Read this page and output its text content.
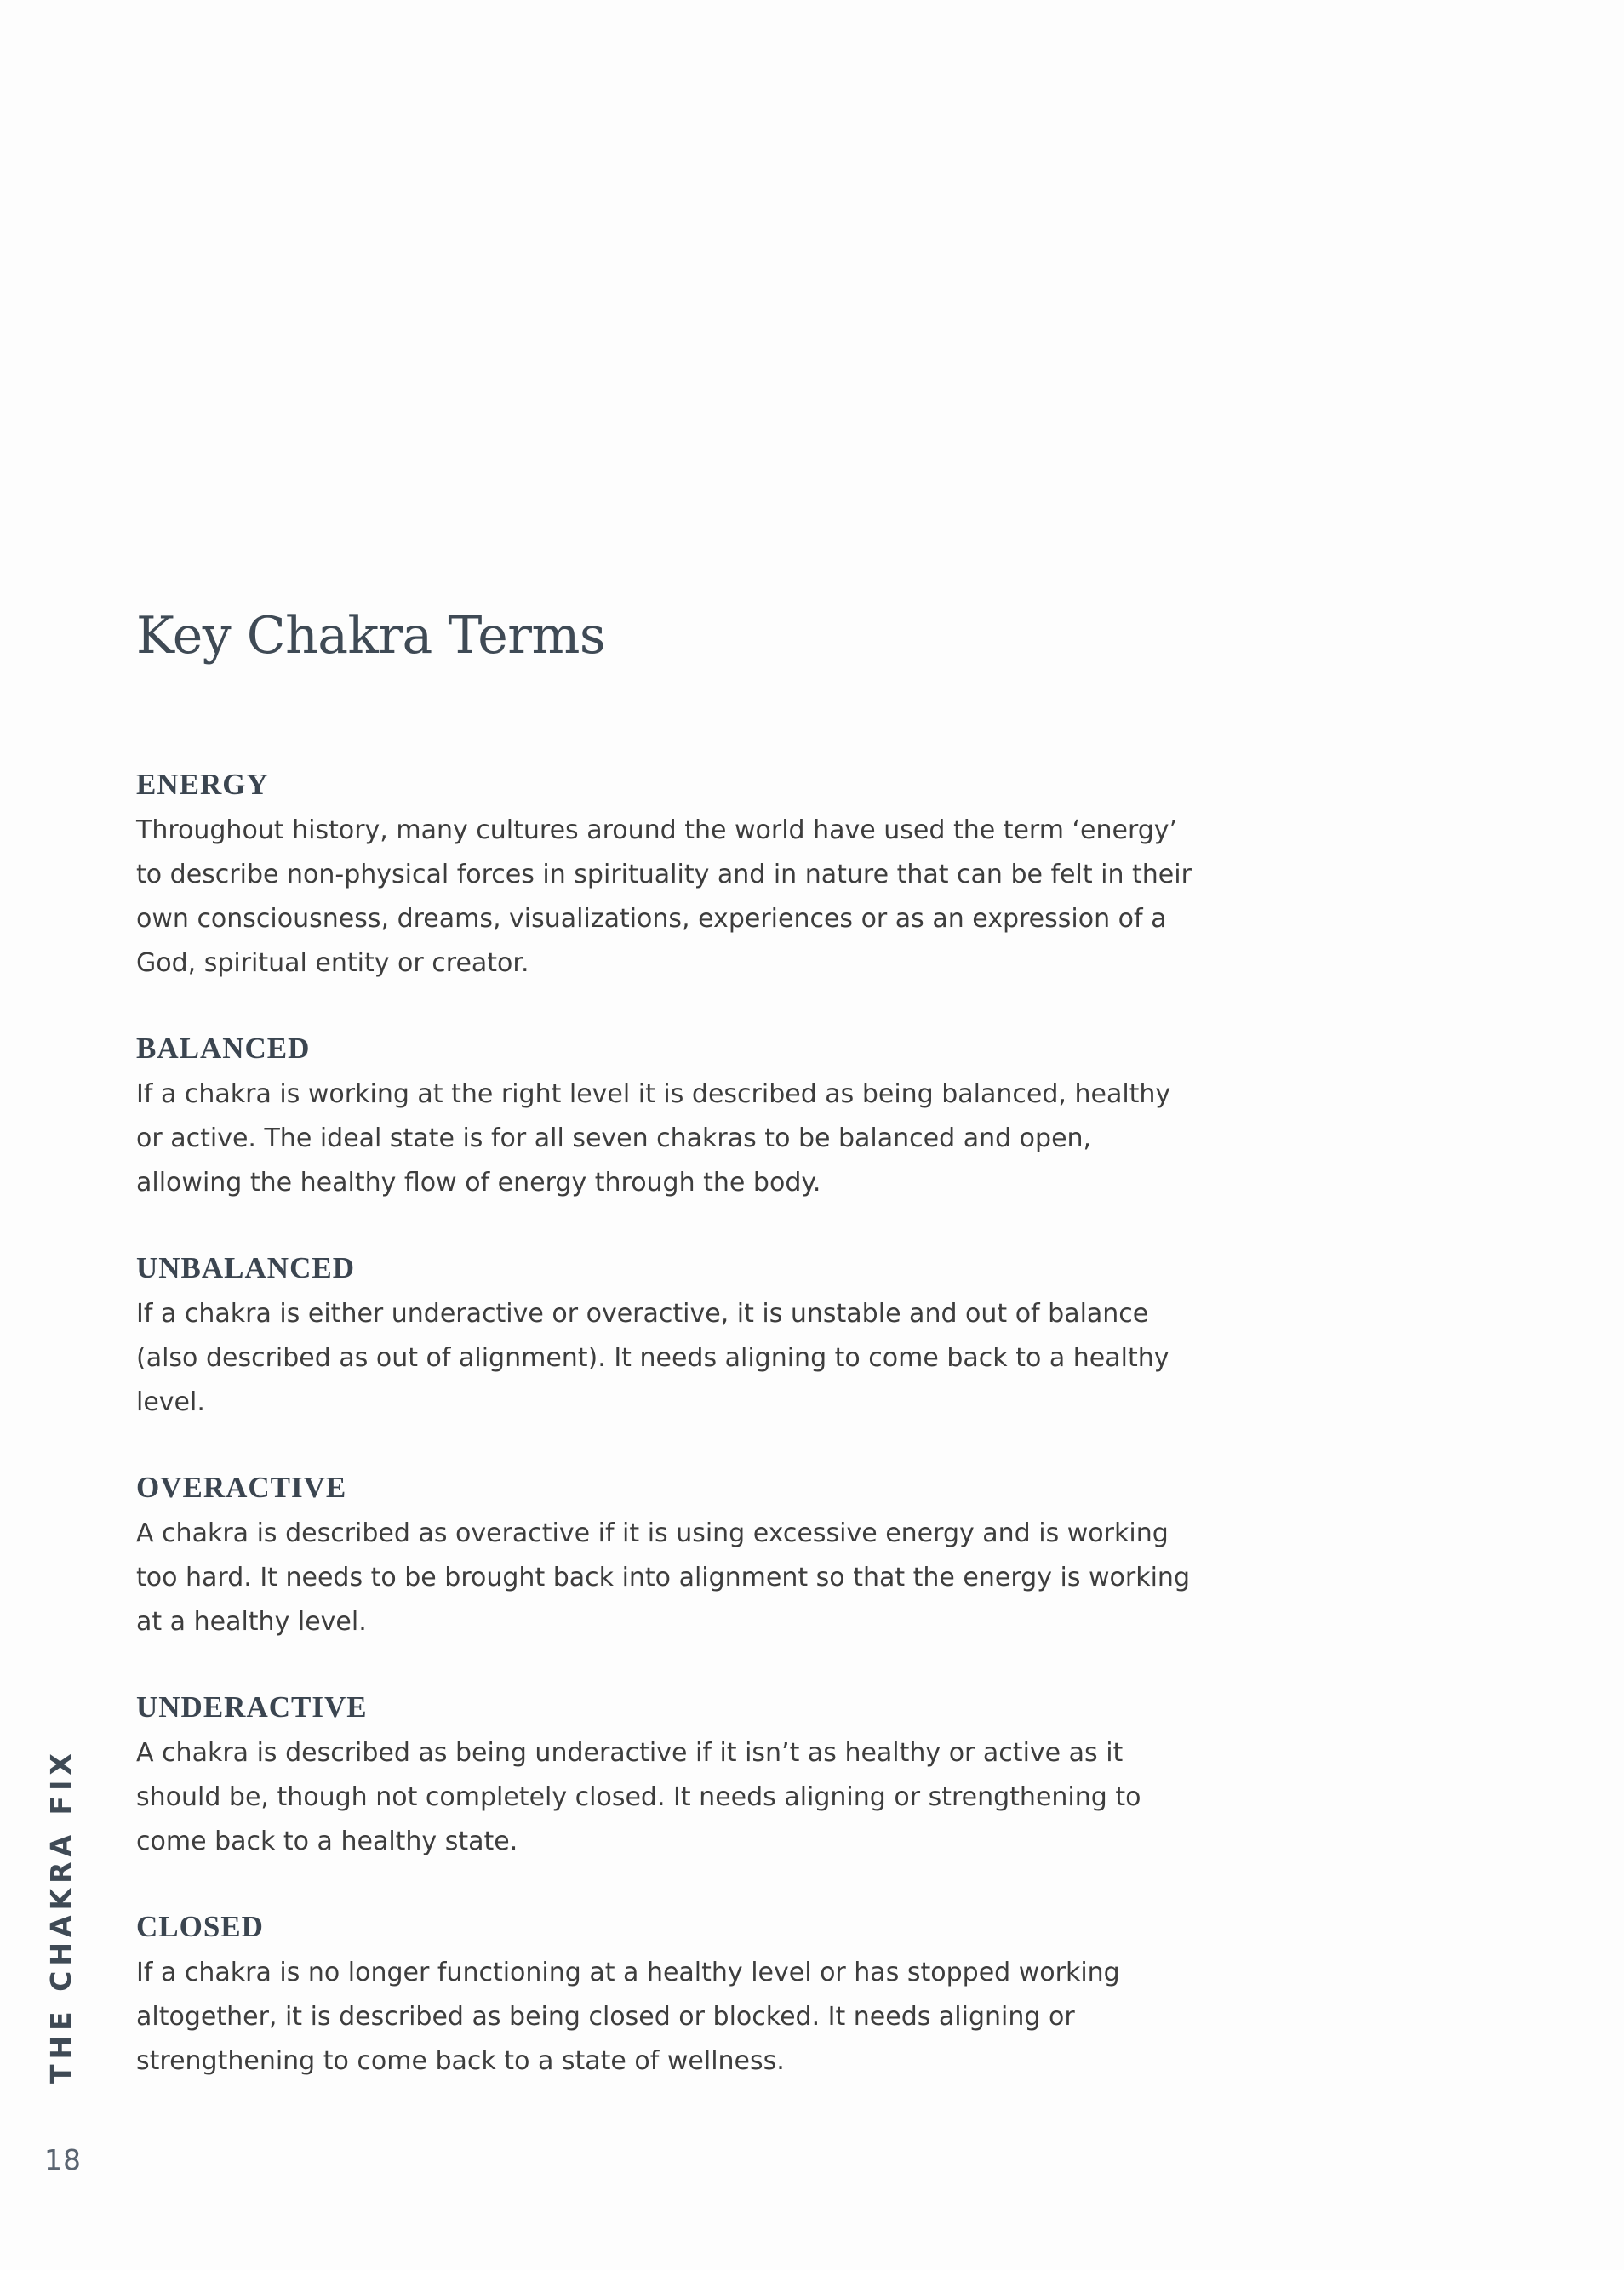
Key Chakra Terms

ENERGY

Throughout history, many cultures around the world have used the term ‘energy’ to describe non-physical forces in spirituality and in nature that can be felt in their own consciousness, dreams, visualizations, experiences or as an expression of a God, spiritual entity or creator.

BALANCED

If a chakra is working at the right level it is described as being balanced, healthy or active. The ideal state is for all seven chakras to be balanced and open, allowing the healthy flow of energy through the body.

UNBALANCED

If a chakra is either underactive or overactive, it is unstable and out of balance (also described as out of alignment). It needs aligning to come back to a healthy level.

OVERACTIVE

A chakra is described as overactive if it is using excessive energy and is working too hard. It needs to be brought back into alignment so that the energy is working at a healthy level.

UNDERACTIVE

A chakra is described as being underactive if it isn’t as healthy or active as it should be, though not completely closed. It needs aligning or strengthening to come back to a healthy state.

CLOSED

If a chakra is no longer functioning at a healthy level or has stopped working altogether, it is described as being closed or blocked. It needs aligning or strengthening to come back to a state of wellness.

THE CHAKRA FIX
18
